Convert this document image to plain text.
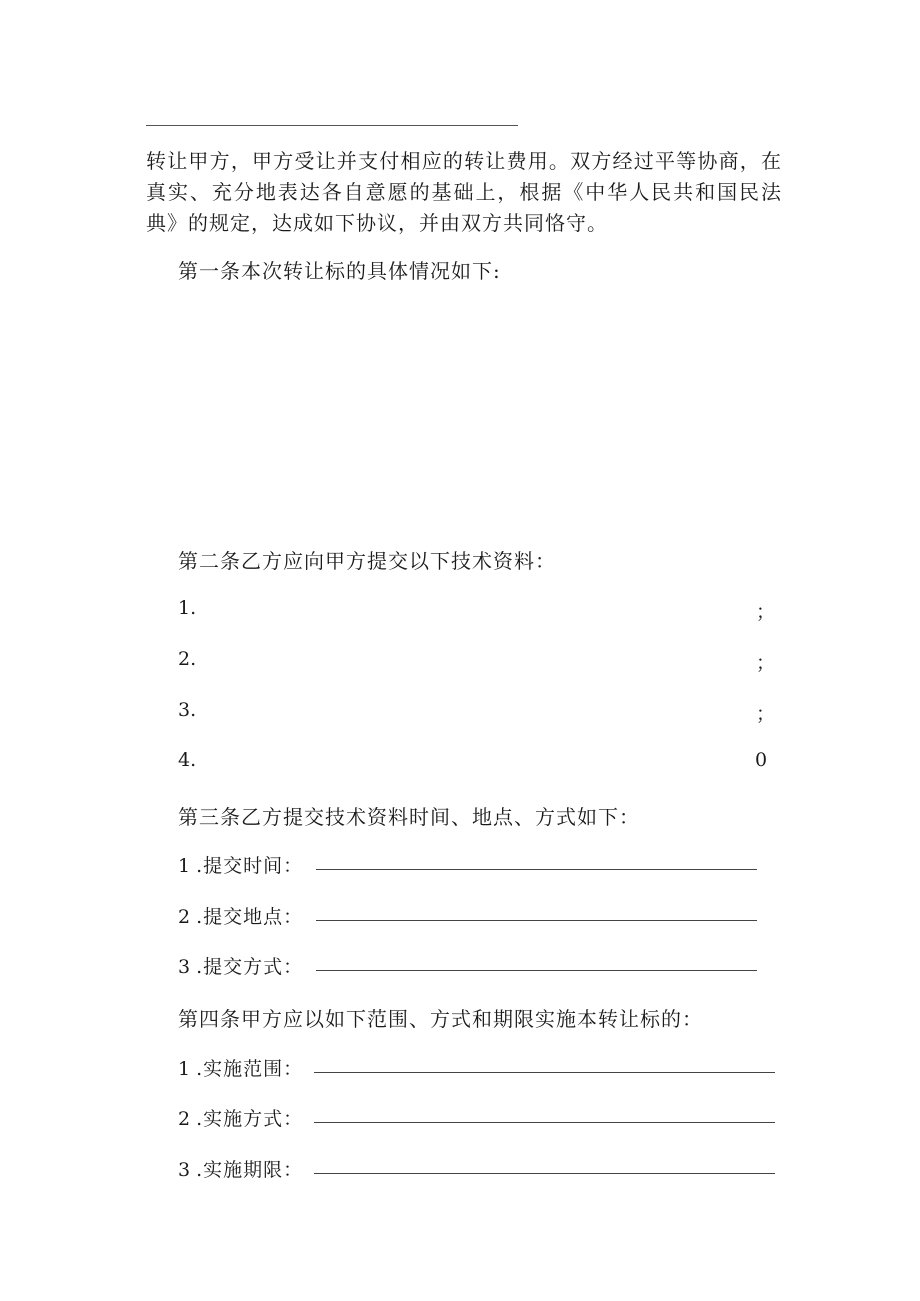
转让甲方，甲方受让并支付相应的转让费用。双方经过平等协商，在真实、充分地表达各自意愿的基础上，根据《中华人民共和国民法典》的规定，达成如下协议，并由双方共同恪守。

第一条本次转让标的具体情况如下:
第二条乙方应向甲方提交以下技术资料：
1.	；
2.	；
3.	；
4.	0
第三条乙方提交技术资料时间、地点、方式如下：
1 .提交时间：
2 .提交地点：
3 .提交方式：
第四条甲方应以如下范围、方式和期限实施本转让标的：
1 .实施范围：
2 .实施方式：
3 .实施期限：
